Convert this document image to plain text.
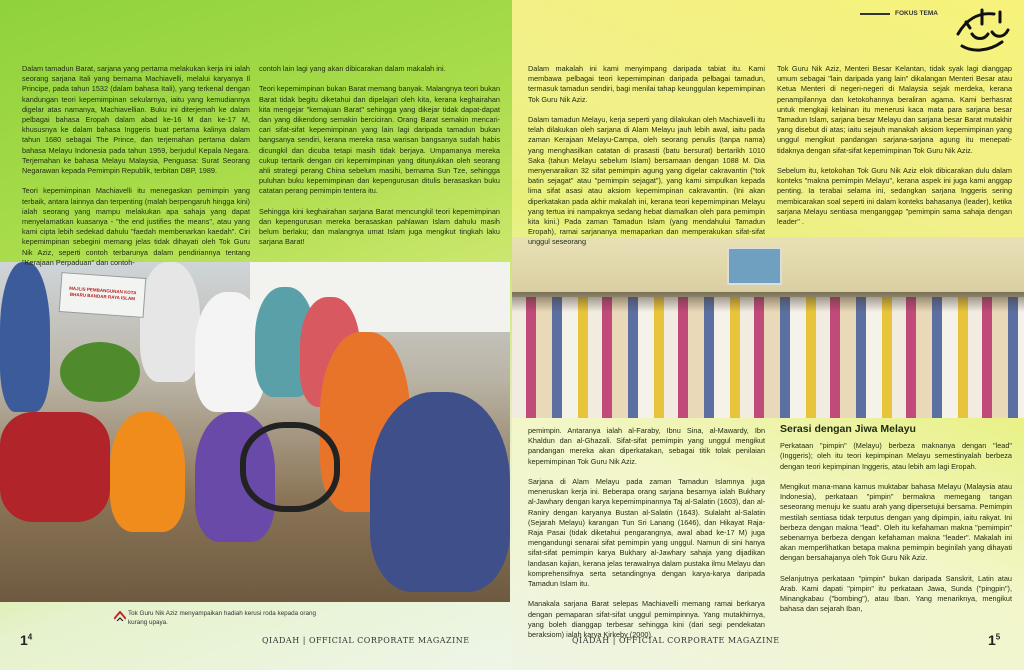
FOKUS TEMA
MAJLIS PEMBANGUNAN KOTA BHARU BANDAR RAYA ISLAM

Dalam tamadun Barat, sarjana yang pertama melakukan kerja ini ialah seorang sarjana Itali yang bernama Machiavelli, melalui karyanya Il Principe, pada tahun 1532 (dalam bahasa Itali), yang terkenal dengan kandungan teori kepemimpinan sekularnya, iaitu yang kemudiannya digelar atas namanya, Machiavellian. Buku ini diterjemah ke dalam pelbagai bahasa Eropah dalam abad ke-16 M dan ke-17 M, khususnya ke dalam bahasa Inggeris buat pertama kalinya dalam tahun 1680 sebagai The Prince, dan terjemahan pertama dalam bahasa Melayu Indonesia pada tahun 1959, berjudul Kepala Negara. Terjemahan ke bahasa Melayu Malaysia, Penguasa: Surat Seorang Negarawan kepada Pemimpin Republik, terbitan DBP, 1989.

Teori kepemimpinan Machiavelli itu menegaskan pemimpin yang terbaik, antara lainnya dan terpenting (malah berpengaruh hingga kini) ialah seorang yang mampu melakukan apa sahaja yang dapat menyelamatkan kuasanya - "the end justifies the means", atau yang kami cipta lebih sedekad dahulu "faedah membenarkan kaedah". Ciri kepemimpinan sebegini memang jelas tidak dihayati oleh Tok Guru Nik Aziz, seperti contoh terbarunya dalam pendiriannya tentang "Kerajaan Perpaduan" dan contoh-

contoh lain lagi yang akan dibicarakan dalam makalah ini.

Teori kepemimpinan bukan Barat memang banyak. Malangnya teori bukan Barat tidak begitu diketahui dan dipelajari oleh kita, kerana keghairahan kita mengejar "kemajuan Barat" sehingga yang dikejar tidak dapat-dapat dan yang dikendong semakin berciciran. Orang Barat semakin mencari-cari sifat-sifat kepemimpinan yang lain lagi daripada tamadun bukan bangsanya sendiri, kerana mereka rasa warisan bangsanya sudah habis dicungkil dan dicuba tetapi masih tidak berjaya. Umpamanya mereka cukup tertarik dengan ciri kepemimpinan yang ditunjukkan oleh seorang ahli strategi perang China sebelum masihi, bernama Sun Tze, sehingga puluhan buku kepemimpinan dan kepengurusan ditulis berasaskan buku catatan perang pemimpin tentera itu.

Sehingga kini keghairahan sarjana Barat mencungkil teori kepemimpinan dan kepengurusan mereka berasaskan pahlawan Islam dahulu masih belum berlaku; dan malangnya umat Islam juga mengikut tingkah laku sarjana Barat!

Tok Guru Nik Aziz menyampaikan hadiah kerusi roda kepada orang kurang upaya.
$1^4$	QIADAH | OFFICIAL CORPORATE MAGAZINE

Dalam makalah ini kami menyimpang daripada tabiat itu. Kami membawa pelbagai teori kepemimpinan daripada pelbagai tamadun, termasuk tamadun sendiri, bagi menilai tahap keunggulan kepemimpinan Tok Guru Nik Aziz.

Dalam tamadun Melayu, kerja seperti yang dilakukan oleh Machiavelli itu telah dilakukan oleh sarjana di Alam Melayu jauh lebih awal, iaitu pada zaman Kerajaan Melayu-Campa, oleh seorang penulis (tanpa nama) yang menghasilkan catatan di prasasti (batu bersurat) bertarikh 1010 Saka (tahun Melayu sebelum Islam) bersamaan dengan 1088 M. Dia menyenaraikan 32 sifat pemimpin agung yang digelar cakravantin ("tok batin sejagat" atau "pemimpin sejagat"), yang kami simpulkan kepada lima sifat asasi atau aksiom kepemimpinan cakravantin. (Ini akan diperkatakan pada akhir makalah ini, kerana teori kepemimpinan Melayu yang tertua ini nampaknya sedang hebat diamalkan oleh para pemimpin kita kini.) Pada zaman Tamadun Islam (yang mendahului Tamadun Eropah), ramai sarjananya memaparkan dan memperakukan sifat-sifat unggul seseorang

Tok Guru Nik Aziz, Menteri Besar Kelantan, tidak syak lagi dianggap umum sebagai "lain daripada yang lain" dikalangan Menteri Besar atau Ketua Menteri di negeri-negeri di Malaysia sejak merdeka, kerana penampilannya dan ketokohannya beraliran agama. Kami berhasrat untuk mengkaji kelainan itu menerusi kaca mata para sarjana besar Tamadun Islam, sarjana besar Melayu dan sarjana besar Barat mutakhir yang disebut di atas; iaitu sejauh manakah aksiom kepemimpinan yang unggul mengikut pandangan sarjana-sarjana agung itu menepati-tidaknya dengan sifat-sifat kepemimpinan Tok Guru Nik Aziz.

Sebelum itu, ketokohan Tok Guru Nik Aziz elok dibicarakan dulu dalam konteks "makna pemimpin Melayu", kerana aspek ini juga kami anggap penting. Ia terabai selama ini, sedangkan sarjana Inggeris sering membicarakan soal seperti ini dalam konteks bahasanya (leader), ketika sarjana Melayu sentiasa menganggap "pemimpin sama sahaja dengan leader" .

pemimpin. Antaranya ialah al-Faraby, Ibnu Sina, al-Mawardy, Ibn Khaldun dan al-Ghazali. Sifat-sifat pemimpin yang unggul mengikut pandangan mereka akan diperkatakan, sebagai titik tolak penilaian kepemimpinan Tok Guru Nik Aziz.

Sarjana di Alam Melayu pada zaman Tamadun Islamnya juga meneruskan kerja ini. Beberapa orang sarjana besarnya ialah Bukhary al-Jawhary dengan karya kepemimpinannya Taj al-Salatin (1603), dan al-Raniry dengan karyanya Bustan al-Salatin (1643). Sulalaht al-Salatin (Sejarah Melayu) karangan Tun Sri Lanang (1646), dan Hikayat Raja-Raja Pasai (tidak diketahui pengarangnya, awal abad ke-17 M) juga mengandungi senarai sifat pemimpin yang unggul. Namun di sini hanya sifat-sifat pemimpin karya Bukhary al-Jawhary sahaja yang dijadikan landasan kajian, kerana jelas terawalnya dalam pustaka ilmu Melayu dan komprehensifnya serta setandingnya dengan karya-karya daripada Tamadun Islam itu.

Manakala sarjana Barat selepas Machiavelli memang ramai berkarya dengan pemaparan sifat-sifat unggul pemimpinnya. Yang mutakhirnya, yang boleh dianggap terbesar sehingga kini (dari segi pendekatan beraksiom) ialah karya Kirkeby (2000).

Serasi dengan Jiwa Melayu

Perkataan "pimpin" (Melayu) berbeza maknanya dengan "lead" (Inggeris); oleh itu teori kepimpinan Melayu semestinyalah berbeza dengan teori kepimpinan Inggeris, atau lebih am lagi Eropah.

Mengikut mana-mana kamus muktabar bahasa Melayu (Malaysia atau Indonesia), perkataan "pimpin" bermakna memegang tangan seseorang menuju ke suatu arah yang dipersetujui bersama. Pemimpin mestilah sentiasa tidak terputus dengan yang dipimpin, iaitu rakyat. Ini berbeza dengan makna "lead". Oleh itu kefahaman makna "pemimpin" sebenarnya berbeza dengan kefahaman makna "leader". Makalah ini akan memperlihatkan betapa makna pemimpin beginilah yang dihayati dengan bersahajanya oleh Tok Guru Nik Aziz.

Selanjutnya perkataan "pimpin" bukan daripada Sanskrit, Latin atau Arab. Kami dapati "pimpin" itu perkataan Jawa, Sunda ("pingpin"), Minangkabau ("bombing"), atau Iban. Yang menariknya, mengikut bahasa dan sejarah Iban,

QIADAH | OFFICIAL CORPORATE MAGAZINE	$1^5$
